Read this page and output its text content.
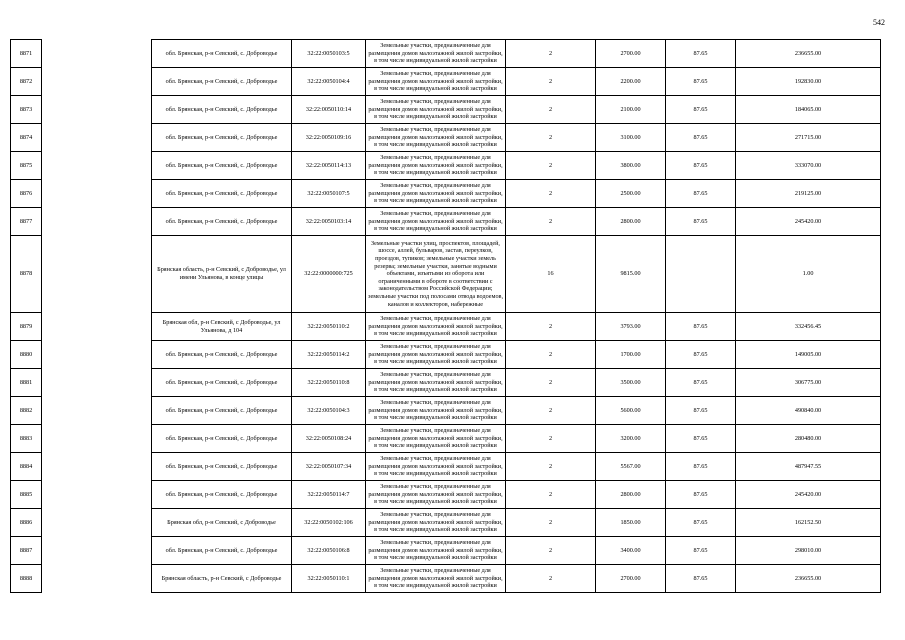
542
8871		обл. Брянская, р-н Севский, с. Доброводье	32:22:0050103:5	Земельные участки, предназначенные для размещения домов малоэтажной жилой застройки, в том числе индивидуальной жилой застройки	2	2700.00	87.65	236655.00
8872		обл. Брянская, р-н Севский, с. Доброводье	32:22:0050104:4	Земельные участки, предназначенные для размещения домов малоэтажной жилой застройки, в том числе индивидуальной жилой застройки	2	2200.00	87.65	192830.00
8873		обл. Брянская, р-н Севский, с. Доброводье	32:22:0050110:14	Земельные участки, предназначенные для размещения домов малоэтажной жилой застройки, в том числе индивидуальной жилой застройки	2	2100.00	87.65	184065.00
8874		обл. Брянская, р-н Севский, с. Доброводье	32:22:0050109:16	Земельные участки, предназначенные для размещения домов малоэтажной жилой застройки, в том числе индивидуальной жилой застройки	2	3100.00	87.65	271715.00
8875		обл. Брянская, р-н Севский, с. Доброводье	32:22:0050114:13	Земельные участки, предназначенные для размещения домов малоэтажной жилой застройки, в том числе индивидуальной жилой застройки	2	3800.00	87.65	333070.00
8876		обл. Брянская, р-н Севский, с. Доброводье	32:22:0050107:5	Земельные участки, предназначенные для размещения домов малоэтажной жилой застройки, в том числе индивидуальной жилой застройки	2	2500.00	87.65	219125.00
8877		обл. Брянская, р-н Севский, с. Доброводье	32:22:0050103:14	Земельные участки, предназначенные для размещения домов малоэтажной жилой застройки, в том числе индивидуальной жилой застройки	2	2800.00	87.65	245420.00
8878		Брянская область, р-н Севский, с Доброводье, ул имени Ульянова, в конце улицы	32:22:0000000:725	Земельные участки улиц, проспектов, площадей, шоссе, аллей, бульваров, застав, переулков, проездов, тупиков; земельные участки земель резерва; земельные участки, занятые водными объектами, изъятыми из оборота или ограниченными в обороте в соответствии с законодательством Российской Федерации; земельные участки под полосами отвода водоемов, каналов и коллекторов, набережные	16	9815.00		1.00
8879		Брянская обл, р-н Севский, с Доброводье, ул Ульянова, д 104	32:22:0050110:2	Земельные участки, предназначенные для размещения домов малоэтажной жилой застройки, в том числе индивидуальной жилой застройки	2	3793.00	87.65	332456.45
8880		обл. Брянская, р-н Севский, с. Доброводье	32:22:0050114:2	Земельные участки, предназначенные для размещения домов малоэтажной жилой застройки, в том числе индивидуальной жилой застройки	2	1700.00	87.65	149005.00
8881		обл. Брянская, р-н Севский, с. Доброводье	32:22:0050110:8	Земельные участки, предназначенные для размещения домов малоэтажной жилой застройки, в том числе индивидуальной жилой застройки	2	3500.00	87.65	306775.00
8882		обл. Брянская, р-н Севский, с. Доброводье	32:22:0050104:3	Земельные участки, предназначенные для размещения домов малоэтажной жилой застройки, в том числе индивидуальной жилой застройки	2	5600.00	87.65	490840.00
8883		обл. Брянская, р-н Севский, с. Доброводье	32:22:0050108:24	Земельные участки, предназначенные для размещения домов малоэтажной жилой застройки, в том числе индивидуальной жилой застройки	2	3200.00	87.65	280480.00
8884		обл. Брянская, р-н Севский, с. Доброводье	32:22:0050107:34	Земельные участки, предназначенные для размещения домов малоэтажной жилой застройки, в том числе индивидуальной жилой застройки	2	5567.00	87.65	487947.55
8885		обл. Брянская, р-н Севский, с. Доброводье	32:22:0050114:7	Земельные участки, предназначенные для размещения домов малоэтажной жилой застройки, в том числе индивидуальной жилой застройки	2	2800.00	87.65	245420.00
8886		Брянская обл, р-н Севский, с Доброводье	32:22:0050102:106	Земельные участки, предназначенные для размещения домов малоэтажной жилой застройки, в том числе индивидуальной жилой застройки	2	1850.00	87.65	162152.50
8887		обл. Брянская, р-н Севский, с. Доброводье	32:22:0050106:8	Земельные участки, предназначенные для размещения домов малоэтажной жилой застройки, в том числе индивидуальной жилой застройки	2	3400.00	87.65	298010.00
8888		Брянская область, р-н Севский, с Доброводье	32:22:0050110:1	Земельные участки, предназначенные для размещения домов малоэтажной жилой застройки, в том числе индивидуальной жилой застройки	2	2700.00	87.65	236655.00
